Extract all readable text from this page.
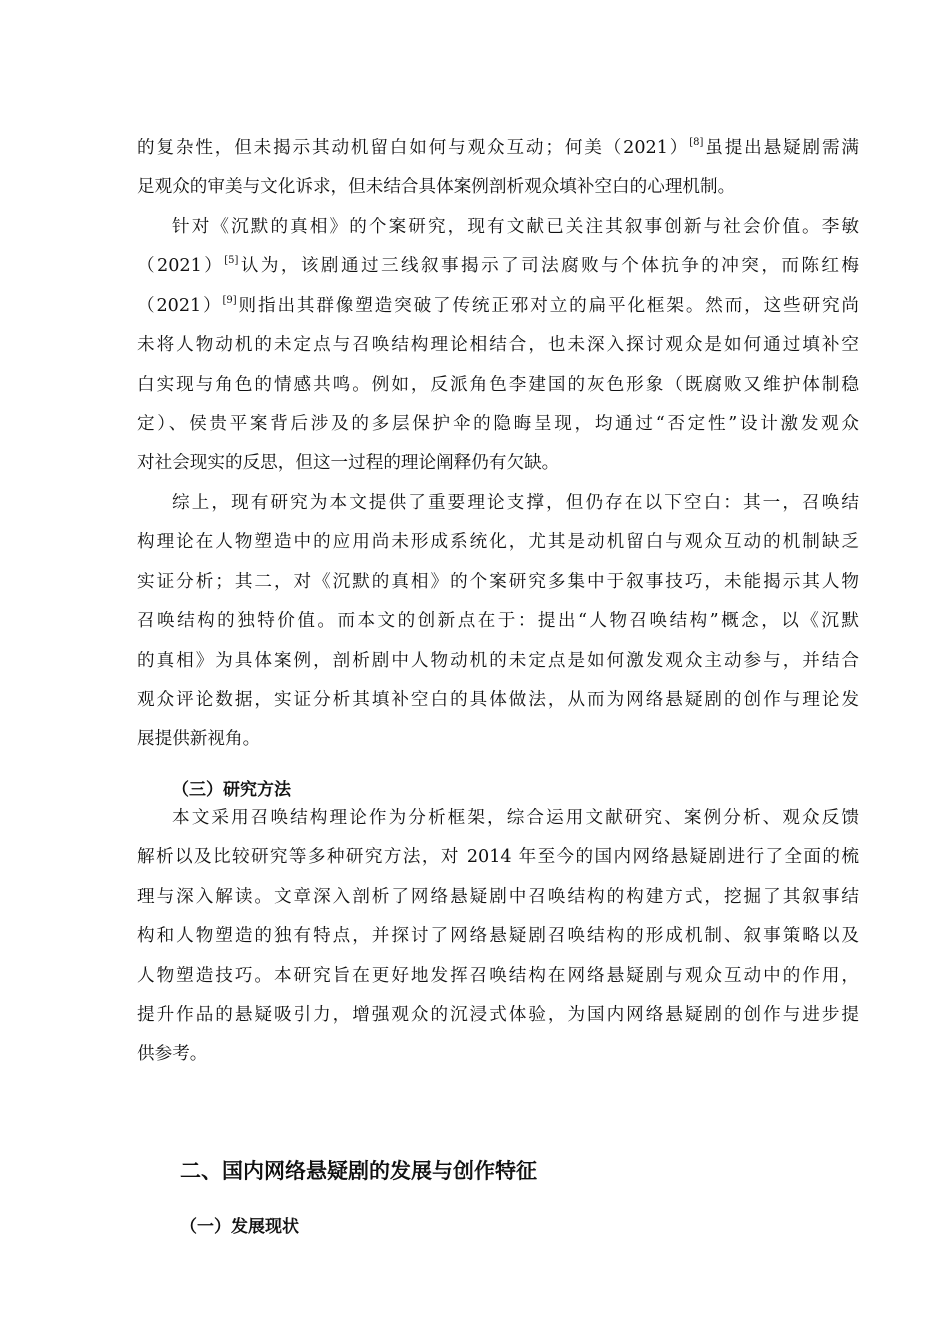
的复杂性，但未揭示其动机留白如何与观众互动；何美（2021）[8]虽提出悬疑剧需满
足观众的审美与文化诉求，但未结合具体案例剖析观众填补空白的心理机制。
针对《沉默的真相》的个案研究，现有文献已关注其叙事创新与社会价值。李敏
（2021）[5]认为，该剧通过三线叙事揭示了司法腐败与个体抗争的冲突，而陈红梅
（2021）[9]则指出其群像塑造突破了传统正邪对立的扁平化框架。然而，这些研究尚
未将人物动机的未定点与召唤结构理论相结合，也未深入探讨观众是如何通过填补空
白实现与角色的情感共鸣。例如，反派角色李建国的灰色形象（既腐败又维护体制稳
定）、侯贵平案背后涉及的多层保护伞的隐晦呈现，均通过“否定性”设计激发观众
对社会现实的反思，但这一过程的理论阐释仍有欠缺。
综上，现有研究为本文提供了重要理论支撑，但仍存在以下空白：其一，召唤结
构理论在人物塑造中的应用尚未形成系统化，尤其是动机留白与观众互动的机制缺乏
实证分析；其二，对《沉默的真相》的个案研究多集中于叙事技巧，未能揭示其人物
召唤结构的独特价值。而本文的创新点在于：提出“人物召唤结构”概念，以《沉默
的真相》为具体案例，剖析剧中人物动机的未定点是如何激发观众主动参与，并结合
观众评论数据，实证分析其填补空白的具体做法，从而为网络悬疑剧的创作与理论发
展提供新视角。
（三）研究方法
本文采用召唤结构理论作为分析框架，综合运用文献研究、案例分析、观众反馈
解析以及比较研究等多种研究方法，对 2014 年至今的国内网络悬疑剧进行了全面的梳
理与深入解读。文章深入剖析了网络悬疑剧中召唤结构的构建方式，挖掘了其叙事结
构和人物塑造的独有特点，并探讨了网络悬疑剧召唤结构的形成机制、叙事策略以及
人物塑造技巧。本研究旨在更好地发挥召唤结构在网络悬疑剧与观众互动中的作用，
提升作品的悬疑吸引力，增强观众的沉浸式体验，为国内网络悬疑剧的创作与进步提
供参考。
二、国内网络悬疑剧的发展与创作特征
（一）发展现状
